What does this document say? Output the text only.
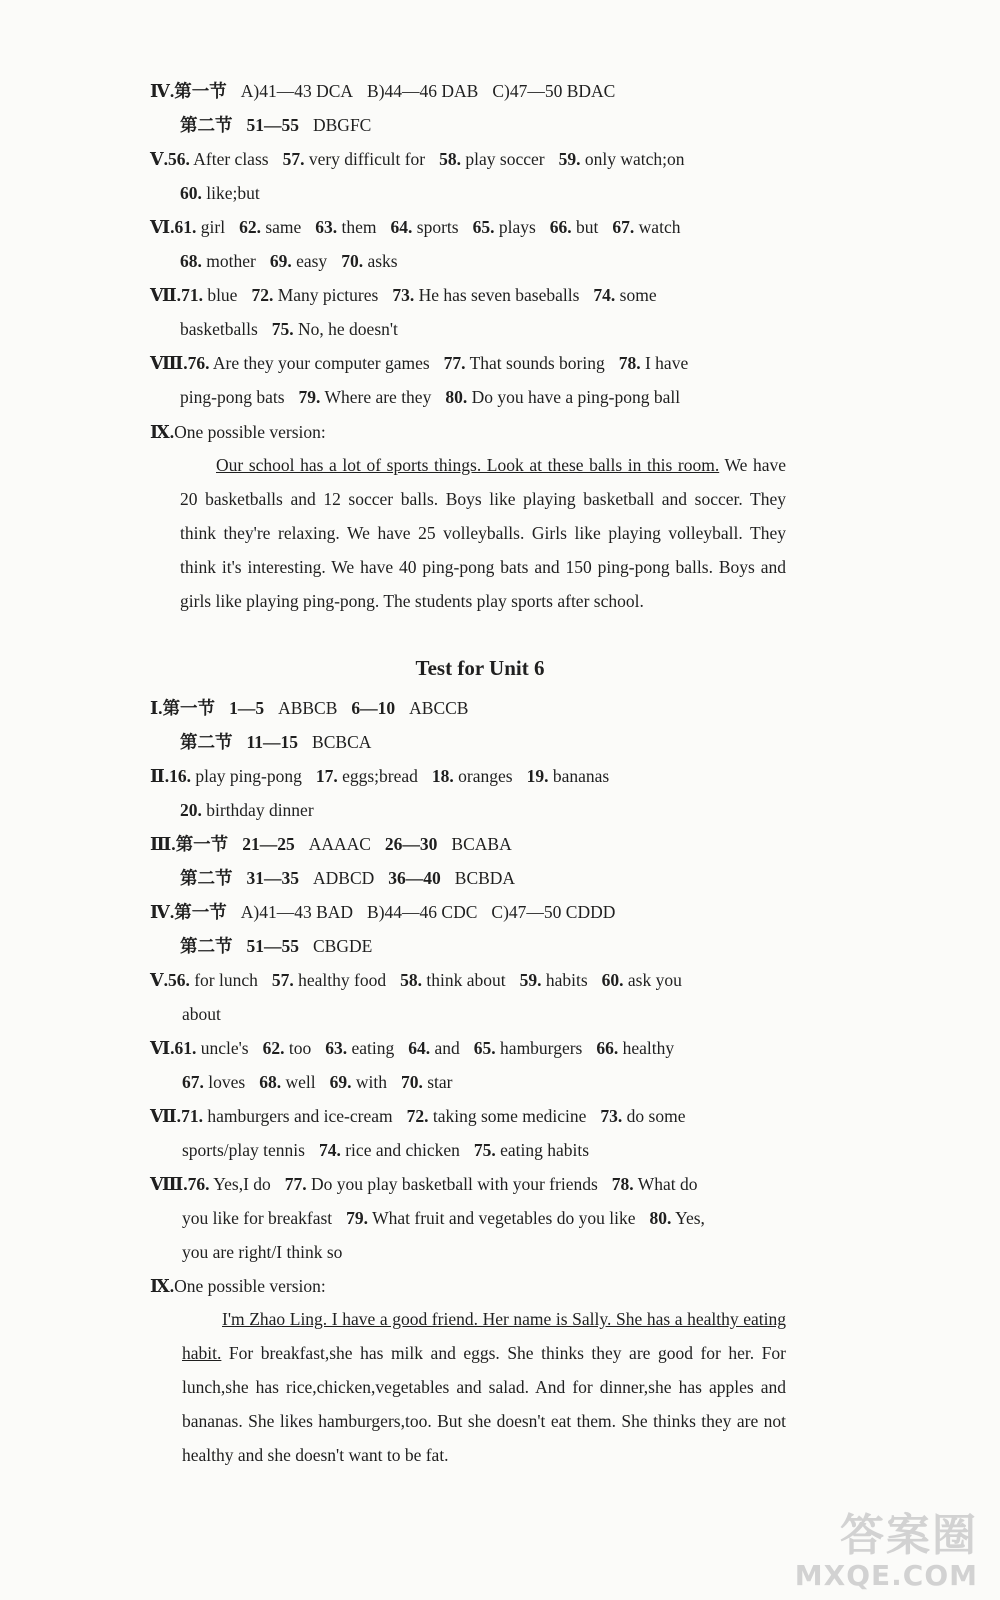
Ⅳ.第一节 A)41—43 DCA B)44—46 DAB C)47—50 BDAC
第二节 51—55 DBGFC
Ⅴ.56. After class 57. very difficult for 58. play soccer 59. only watch;on
60. like;but
Ⅵ.61. girl 62. same 63. them 64. sports 65. plays 66. but 67. watch
68. mother 69. easy 70. asks
Ⅶ.71. blue 72. Many pictures 73. He has seven baseballs 74. some
basketballs 75. No, he doesn't
Ⅷ.76. Are they your computer games 77. That sounds boring 78. I have
ping-pong bats 79. Where are they 80. Do you have a ping-pong ball
Ⅸ.One possible version:
Our school has a lot of sports things. Look at these balls in this room. We have 20 basketballs and 12 soccer balls. Boys like playing basketball and soccer. They think they're relaxing. We have 25 volleyballs. Girls like playing volleyball. They think it's interesting. We have 40 ping-pong bats and 150 ping-pong balls. Boys and girls like playing ping-pong. The students play sports after school.
Test for Unit 6
Ⅰ.第一节 1—5 ABBCB 6—10 ABCCB
第二节 11—15 BCBCA
Ⅱ.16. play ping-pong 17. eggs;bread 18. oranges 19. bananas
20. birthday dinner
Ⅲ.第一节 21—25 AAAAC 26—30 BCABA
第二节 31—35 ADBCD 36—40 BCBDA
Ⅳ.第一节 A)41—43 BAD B)44—46 CDC C)47—50 CDDD
第二节 51—55 CBGDE
Ⅴ.56. for lunch 57. healthy food 58. think about 59. habits 60. ask you
about
Ⅵ.61. uncle's 62. too 63. eating 64. and 65. hamburgers 66. healthy
67. loves 68. well 69. with 70. star
Ⅶ.71. hamburgers and ice-cream 72. taking some medicine 73. do some
sports/play tennis 74. rice and chicken 75. eating habits
Ⅷ.76. Yes,I do 77. Do you play basketball with your friends 78. What do
you like for breakfast 79. What fruit and vegetables do you like 80. Yes,
you are right/I think so
Ⅸ.One possible version:
I'm Zhao Ling. I have a good friend. Her name is Sally. She has a healthy eating habit. For breakfast,she has milk and eggs. She thinks they are good for her. For lunch,she has rice,chicken,vegetables and salad. And for dinner,she has apples and bananas. She likes hamburgers,too. But she doesn't eat them. She thinks they are not healthy and she doesn't want to be fat.
答案圈
MXQE.COM
